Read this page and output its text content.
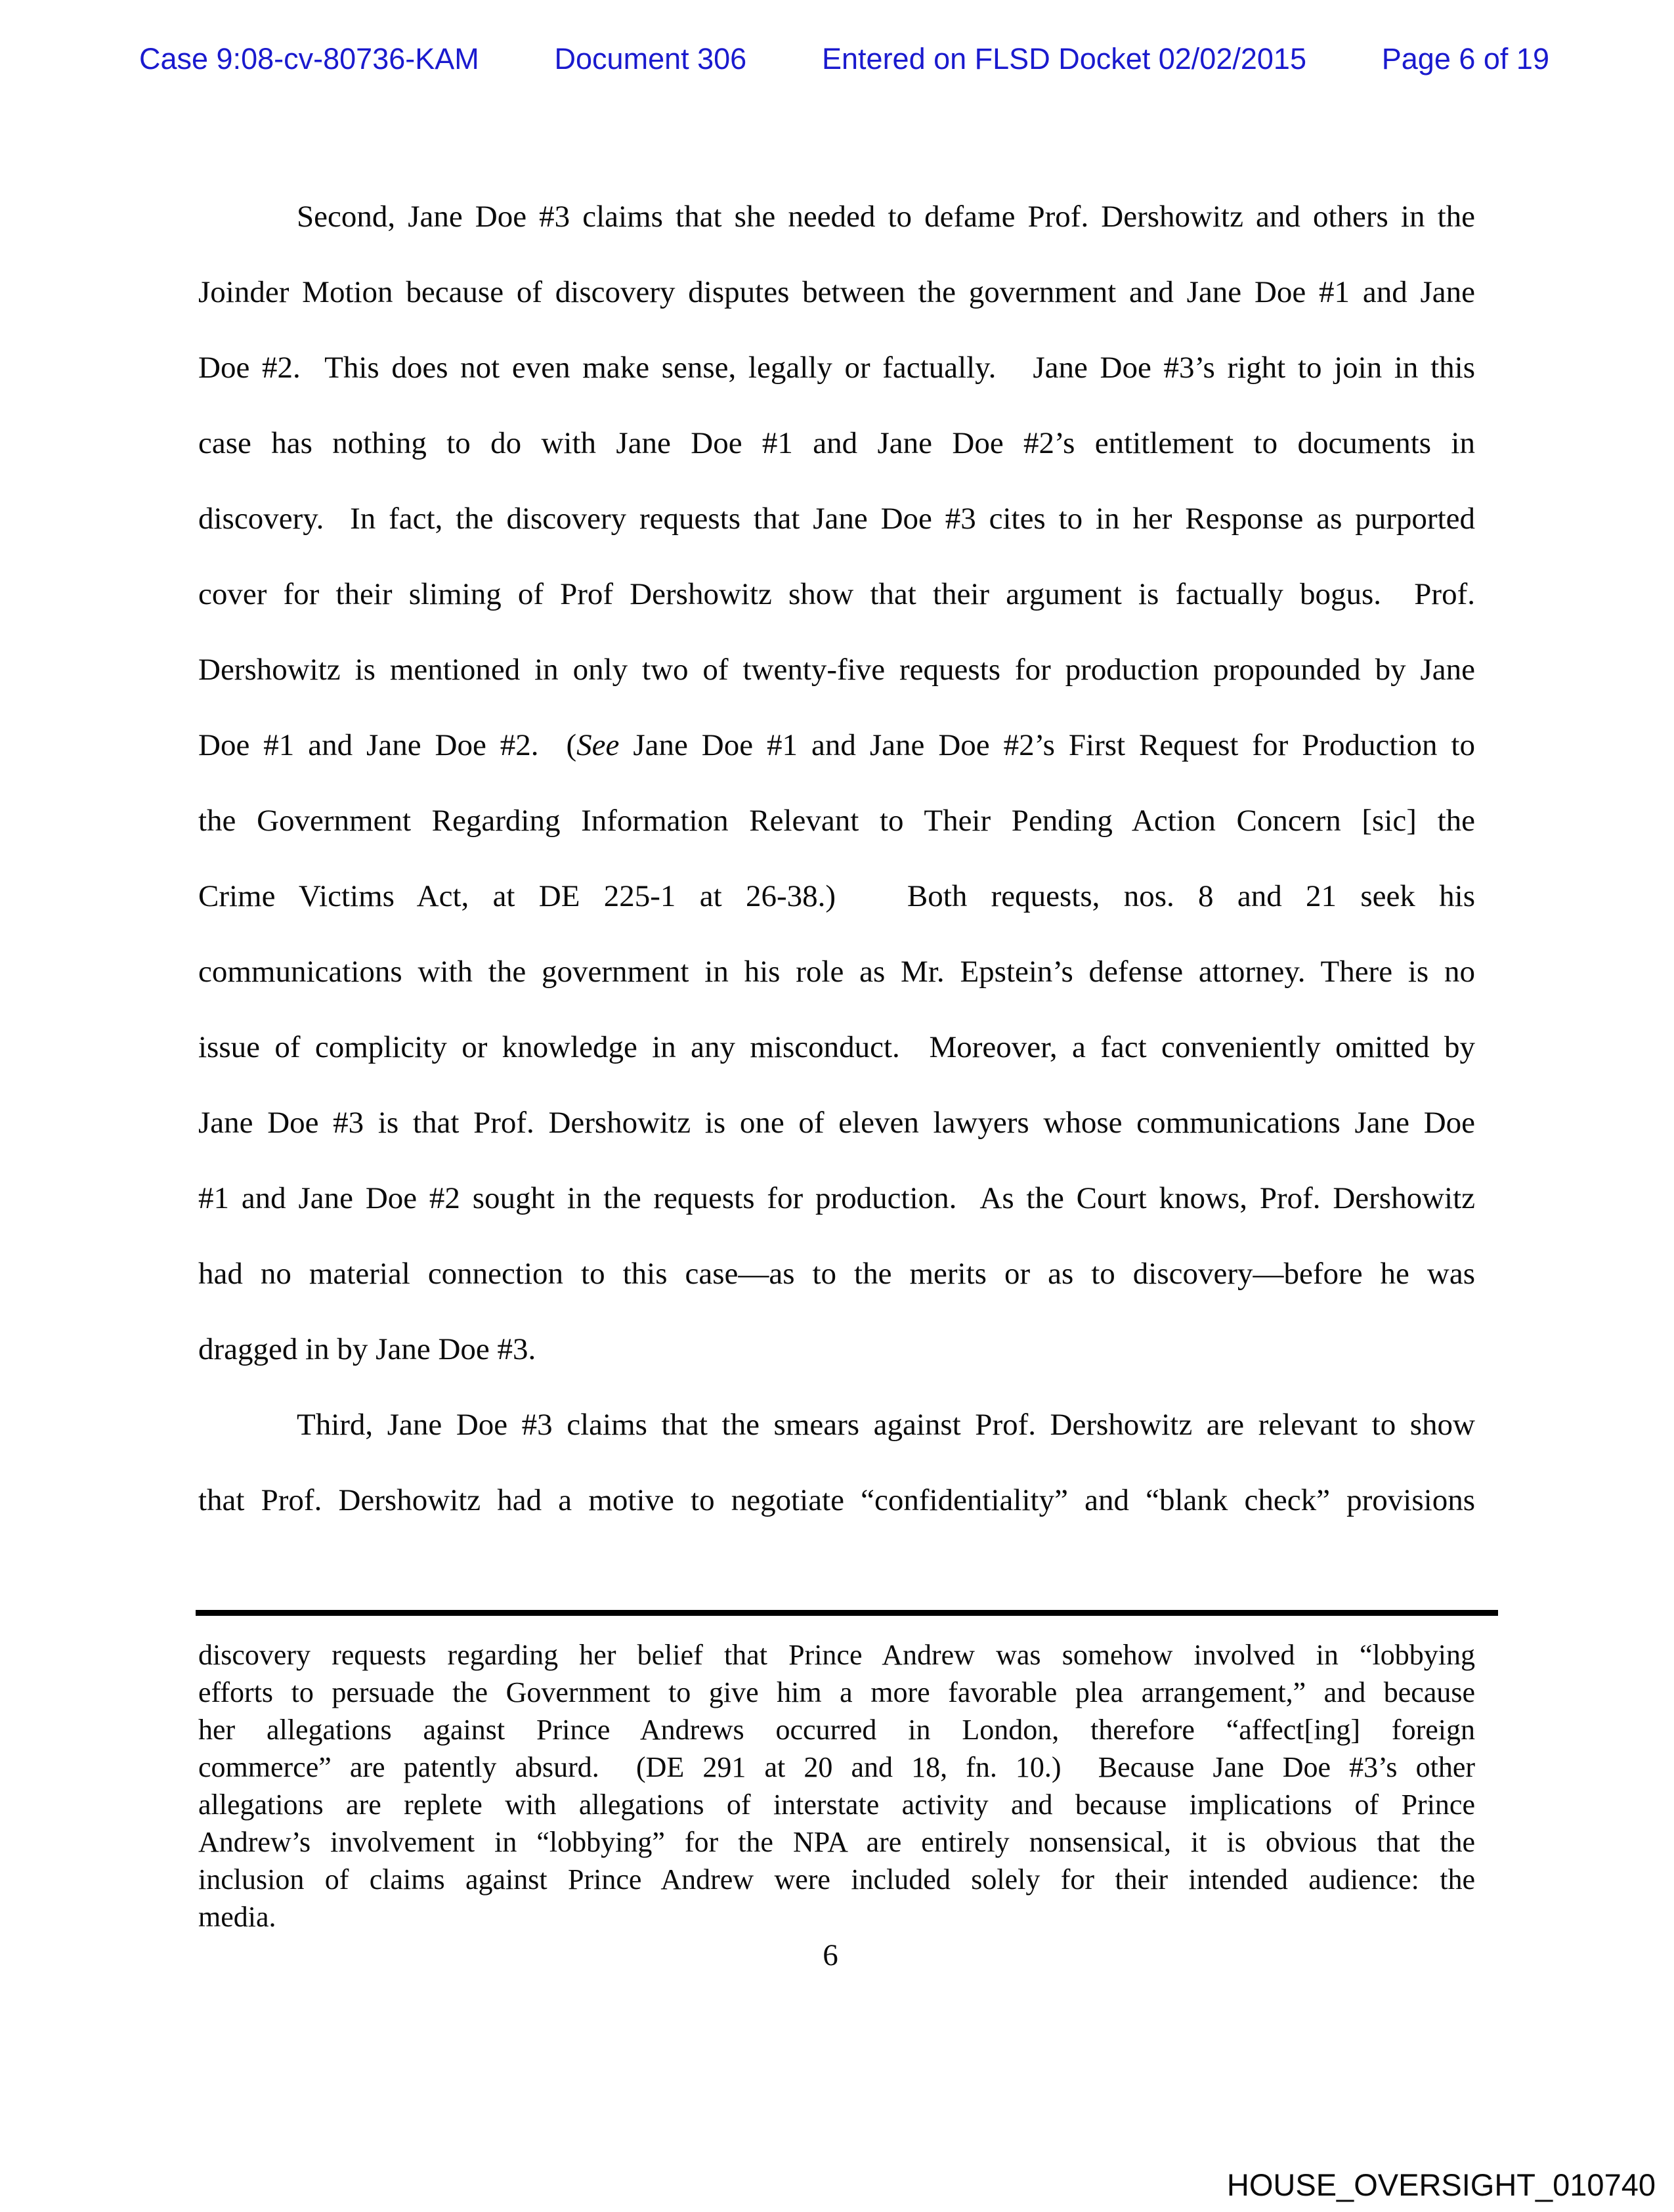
Case 9:08-cv-80736-KAM	Document 306	Entered on FLSD Docket 02/02/2015	Page 6 of 19
Second, Jane Doe #3 claims that she needed to defame Prof. Dershowitz and others in the
Joinder Motion because of discovery disputes between the government and Jane Doe #1 and Jane
Doe #2.  This does not even make sense, legally or factually.   Jane Doe #3’s right to join in this
case has nothing to do with Jane Doe #1 and Jane Doe #2’s entitlement to documents in
discovery.  In fact, the discovery requests that Jane Doe #3 cites to in her Response as purported
cover for their sliming of Prof Dershowitz show that their argument is factually bogus.  Prof.
Dershowitz is mentioned in only two of twenty-five requests for production propounded by Jane
Doe #1 and Jane Doe #2.  (See Jane Doe #1 and Jane Doe #2’s First Request for Production to
the Government Regarding Information Relevant to Their Pending Action Concern [sic] the
Crime Victims Act, at DE 225-1 at 26-38.)   Both requests, nos. 8 and 21 seek his
communications with the government in his role as Mr. Epstein’s defense attorney. There is no
issue of complicity or knowledge in any misconduct.  Moreover, a fact conveniently omitted by
Jane Doe #3 is that Prof. Dershowitz is one of eleven lawyers whose communications Jane Doe
#1 and Jane Doe #2 sought in the requests for production.  As the Court knows, Prof. Dershowitz
had no material connection to this case—as to the merits or as to discovery—before he was
dragged in by Jane Doe #3.
Third, Jane Doe #3 claims that the smears against Prof. Dershowitz are relevant to show
that Prof. Dershowitz had a motive to negotiate “confidentiality” and “blank check” provisions
discovery requests regarding her belief that Prince Andrew was somehow involved in “lobbying
efforts to persuade the Government to give him a more favorable plea arrangement,” and because
her allegations against Prince Andrews occurred in London, therefore “affect[ing] foreign
commerce” are patently absurd.  (DE 291 at 20 and 18, fn. 10.)  Because Jane Doe #3’s other
allegations are replete with allegations of interstate activity and because implications of Prince
Andrew’s involvement in “lobbying” for the NPA are entirely nonsensical, it is obvious that the
inclusion of claims against Prince Andrew were included solely for their intended audience: the
media.
6
HOUSE_OVERSIGHT_010740
